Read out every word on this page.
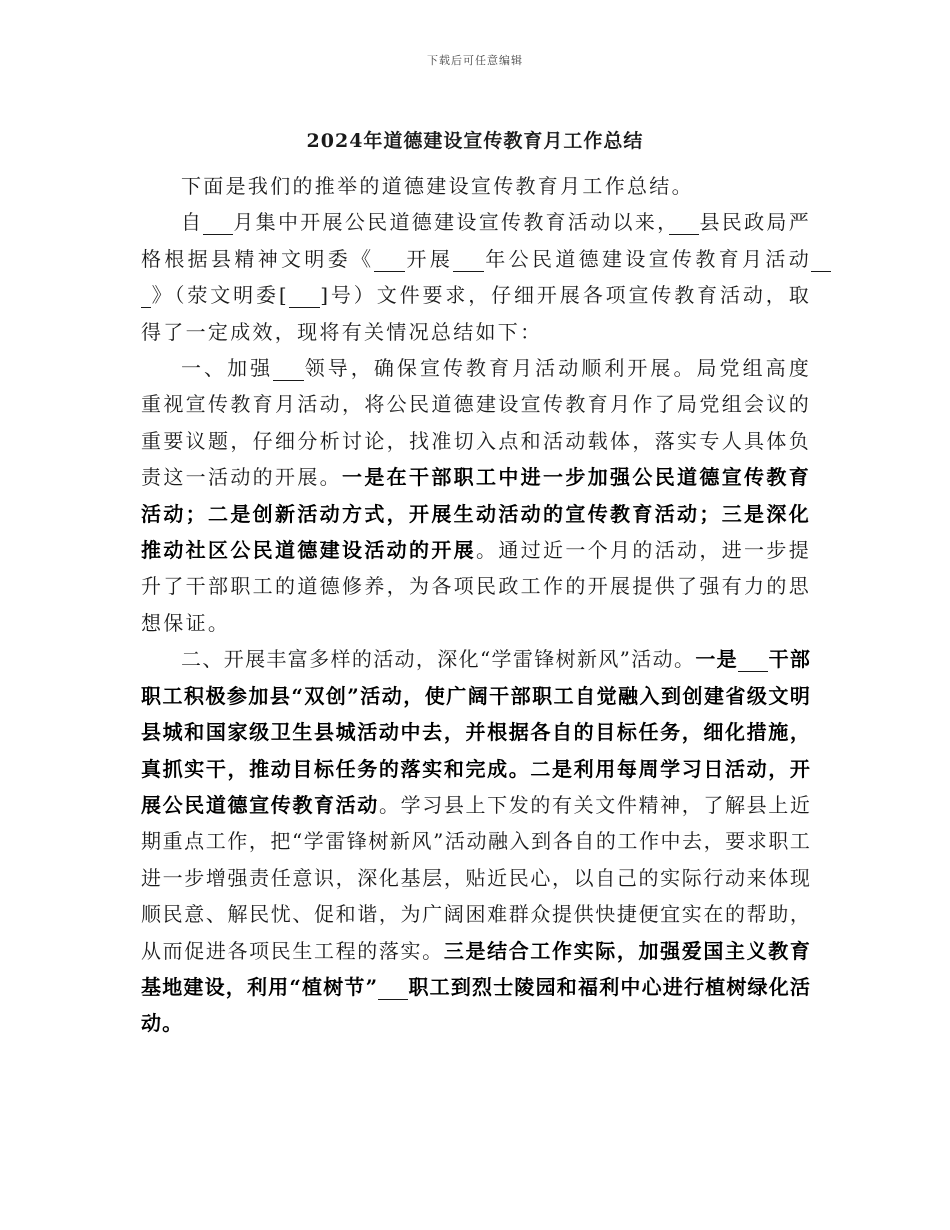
下载后可任意编辑
2024年道德建设宣传教育月工作总结

下面是我们的推举的道德建设宣传教育月工作总结。

自　  月集中开展公民道德建设宣传教育活动以来，　  县民政局严格根据县精神文明委《　  开展　  年公民道德建设宣传教育月活动　 》（荥文明委[　  ]号）文件要求，仔细开展各项宣传教育活动，取得了一定成效，现将有关情况总结如下：

一、加强　  领导，确保宣传教育月活动顺利开展。局党组高度重视宣传教育月活动，将公民道德建设宣传教育月作了局党组会议的重要议题，仔细分析讨论，找准切入点和活动载体，落实专人具体负责这一活动的开展。一是在干部职工中进一步加强公民道德宣传教育活动；二是创新活动方式，开展生动活动的宣传教育活动；三是深化推动社区公民道德建设活动的开展。通过近一个月的活动，进一步提升了干部职工的道德修养，为各项民政工作的开展提供了强有力的思想保证。

二、开展丰富多样的活动，深化“学雷锋树新风”活动。一是　  干部职工积极参加县“双创”活动，使广阔干部职工自觉融入到创建省级文明县城和国家级卫生县城活动中去，并根据各自的目标任务，细化措施，真抓实干，推动目标任务的落实和完成。二是利用每周学习日活动，开展公民道德宣传教育活动。学习县上下发的有关文件精神，了解县上近期重点工作，把“学雷锋树新风”活动融入到各自的工作中去，要求职工进一步增强责任意识，深化基层，贴近民心，以自己的实际行动来体现顺民意、解民忧、促和谐，为广阔困难群众提供快捷便宜实在的帮助，从而促进各项民生工程的落实。三是结合工作实际，加强爱国主义教育基地建设，利用“植树节”　  职工到烈士陵园和福利中心进行植树绿化活动。
